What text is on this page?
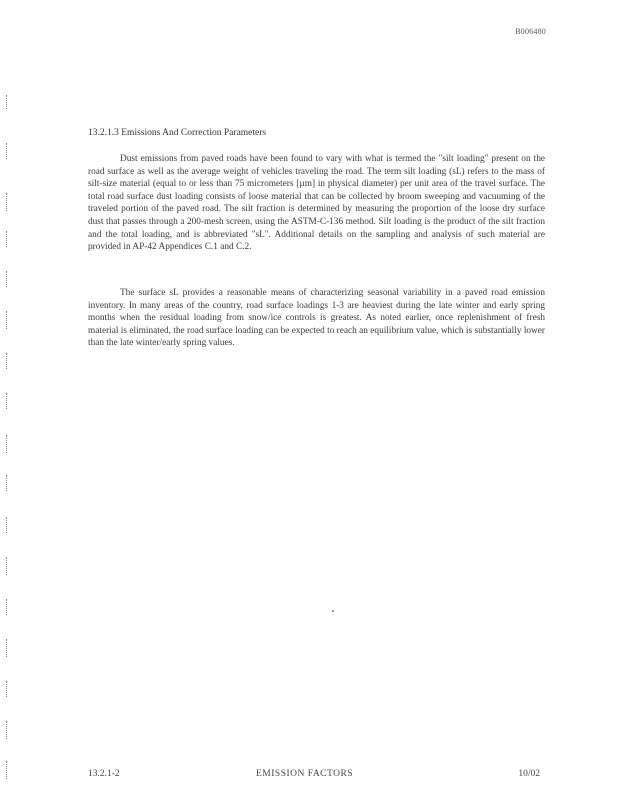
B006480
13.2.1.3 Emissions And Correction Parameters

Dust emissions from paved roads have been found to vary with what is termed the "silt loading" present on the road surface as well as the average weight of vehicles traveling the road. The term silt loading (sL) refers to the mass of silt-size material (equal to or less than 75 micrometers [µm] in physical diameter) per unit area of the travel surface. The total road surface dust loading consists of loose material that can be collected by broom sweeping and vacuuming of the traveled portion of the paved road. The silt fraction is determined by measuring the proportion of the loose dry surface dust that passes through a 200-mesh screen, using the ASTM-C-136 method. Silt loading is the product of the silt fraction and the total loading, and is abbreviated "sL". Additional details on the sampling and analysis of such material are provided in AP-42 Appendices C.1 and C.2.

The surface sL provides a reasonable means of characterizing seasonal variability in a paved road emission inventory. In many areas of the country, road surface loadings 1-3 are heaviest during the late winter and early spring months when the residual loading from snow/ice controls is greatest. As noted earlier, once replenishment of fresh material is eliminated, the road surface loading can be expected to reach an equilibrium value, which is substantially lower than the late winter/early spring values.

13.2.1-2	EMISSION FACTORS	10/02
